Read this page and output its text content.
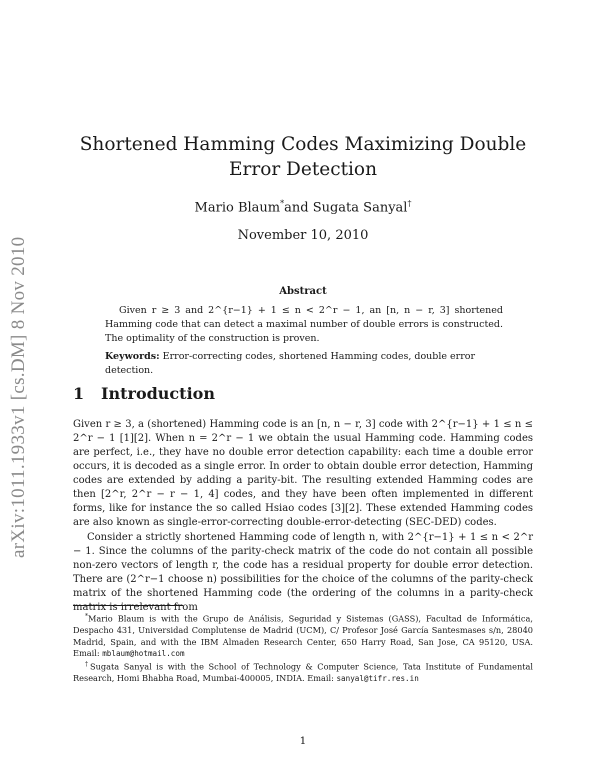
arXiv:1011.1933v1 [cs.DM] 8 Nov 2010
Shortened Hamming Codes Maximizing Double Error Detection
Mario Blaum*and Sugata Sanyal†
November 10, 2010
Abstract
Given r ≥ 3 and 2^{r−1} + 1 ≤ n < 2^r − 1, an [n, n − r, 3] shortened Hamming code that can detect a maximal number of double errors is constructed. The optimality of the construction is proven.
Keywords: Error-correcting codes, shortened Hamming codes, double error detection.
1 Introduction
Given r ≥ 3, a (shortened) Hamming code is an [n, n − r, 3] code with 2^{r−1} + 1 ≤ n ≤ 2^r − 1 [1][2]. When n = 2^r − 1 we obtain the usual Hamming code. Hamming codes are perfect, i.e., they have no double error detection capability: each time a double error occurs, it is decoded as a single error. In order to obtain double error detection, Hamming codes are extended by adding a parity-bit. The resulting extended Hamming codes are then [2^r, 2^r − r − 1, 4] codes, and they have been often implemented in different forms, like for instance the so called Hsiao codes [3][2]. These extended Hamming codes are also known as single-error-correcting double-error-detecting (SEC-DED) codes.
Consider a strictly shortened Hamming code of length n, with 2^{r−1} + 1 ≤ n < 2^r − 1. Since the columns of the parity-check matrix of the code do not contain all possible non-zero vectors of length r, the code has a residual property for double error detection. There are (2^r−1 choose n) possibilities for the choice of the columns of the parity-check matrix of the shortened Hamming code (the ordering of the columns in a parity-check matrix is irrelevant from
*Mario Blaum is with the Grupo de Análisis, Seguridad y Sistemas (GASS), Facultad de Informática, Despacho 431, Universidad Complutense de Madrid (UCM), C/ Profesor José García Santesmases s/n, 28040 Madrid, Spain, and with the IBM Almaden Research Center, 650 Harry Road, San Jose, CA 95120, USA. Email: mblaum@hotmail.com
†Sugata Sanyal is with the School of Technology & Computer Science, Tata Institute of Fundamental Research, Homi Bhabha Road, Mumbai-400005, INDIA. Email: sanyal@tifr.res.in
1
